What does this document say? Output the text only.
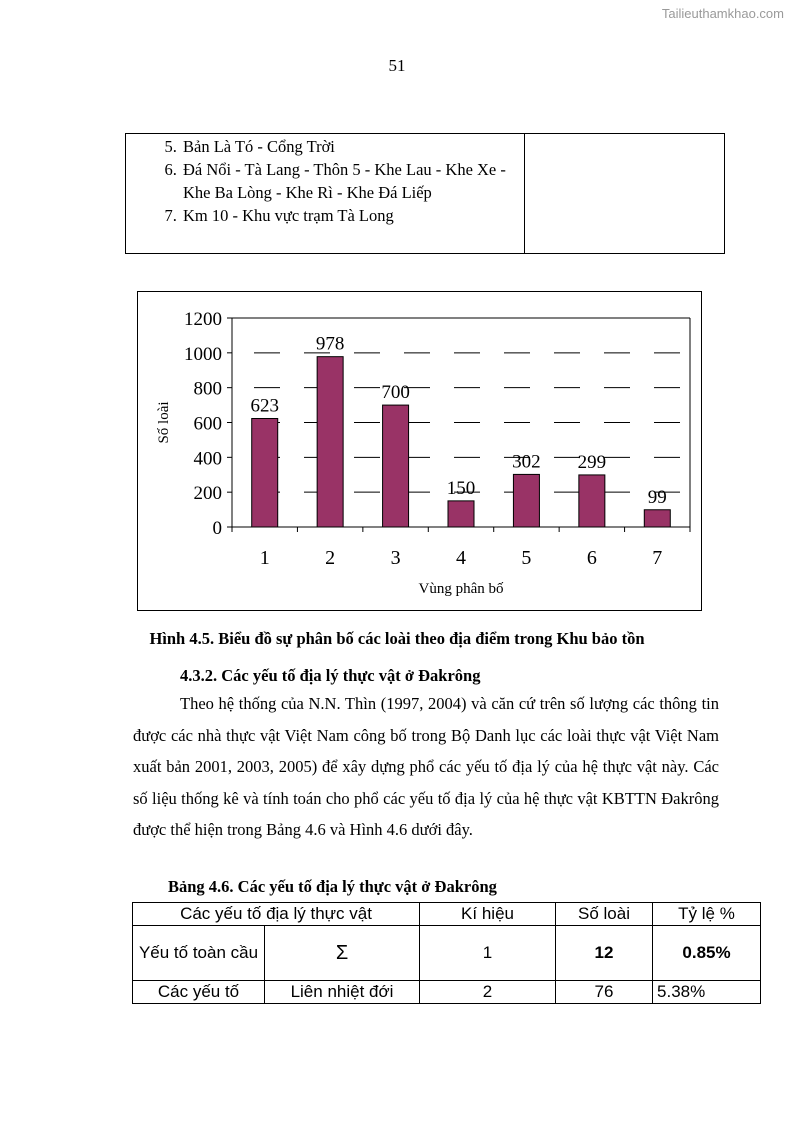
Tailieuthamkhao.com
51
5. Bản Là Tó - Cổng Trời
6. Đá Nổi - Tà Lang - Thôn 5 - Khe Lau - Khe Xe - Khe Ba Lòng - Khe Rì - Khe Đá Liếp
7. Km 10 - Khu vực trạm Tà Long

0
200
400
600
800
1000
1200
623
1
978
2
700
3
150
4
302
5
299
6
99
7
Vùng phân bố
Số loài
Hình 4.5. Biểu đồ sự phân bố các loài theo địa điểm trong Khu bảo tồn
4.3.2. Các yếu tố địa lý thực vật ở Đakrông

Theo hệ thống của N.N. Thìn (1997, 2004) và căn cứ trên số lượng các thông tin được các nhà thực vật Việt Nam công bố trong Bộ Danh lục các loài thực vật Việt Nam xuất bản 2001, 2003, 2005) để xây dựng phổ các yếu tố địa lý của hệ thực vật này. Các số liệu thống kê và tính toán cho phổ các yếu tố địa lý của hệ thực vật KBTTN Đakrông được thể hiện trong Bảng 4.6 và Hình 4.6 dưới đây.

Bảng 4.6. Các yếu tố địa lý thực vật ở Đakrông
Các yếu tố địa lý thực vật		Kí hiệu	Số loài	Tỷ lệ %
Yếu tố toàn cầu	Σ	1	12	0.85%
Các yếu tố	Liên nhiệt đới	2	76	5.38%
